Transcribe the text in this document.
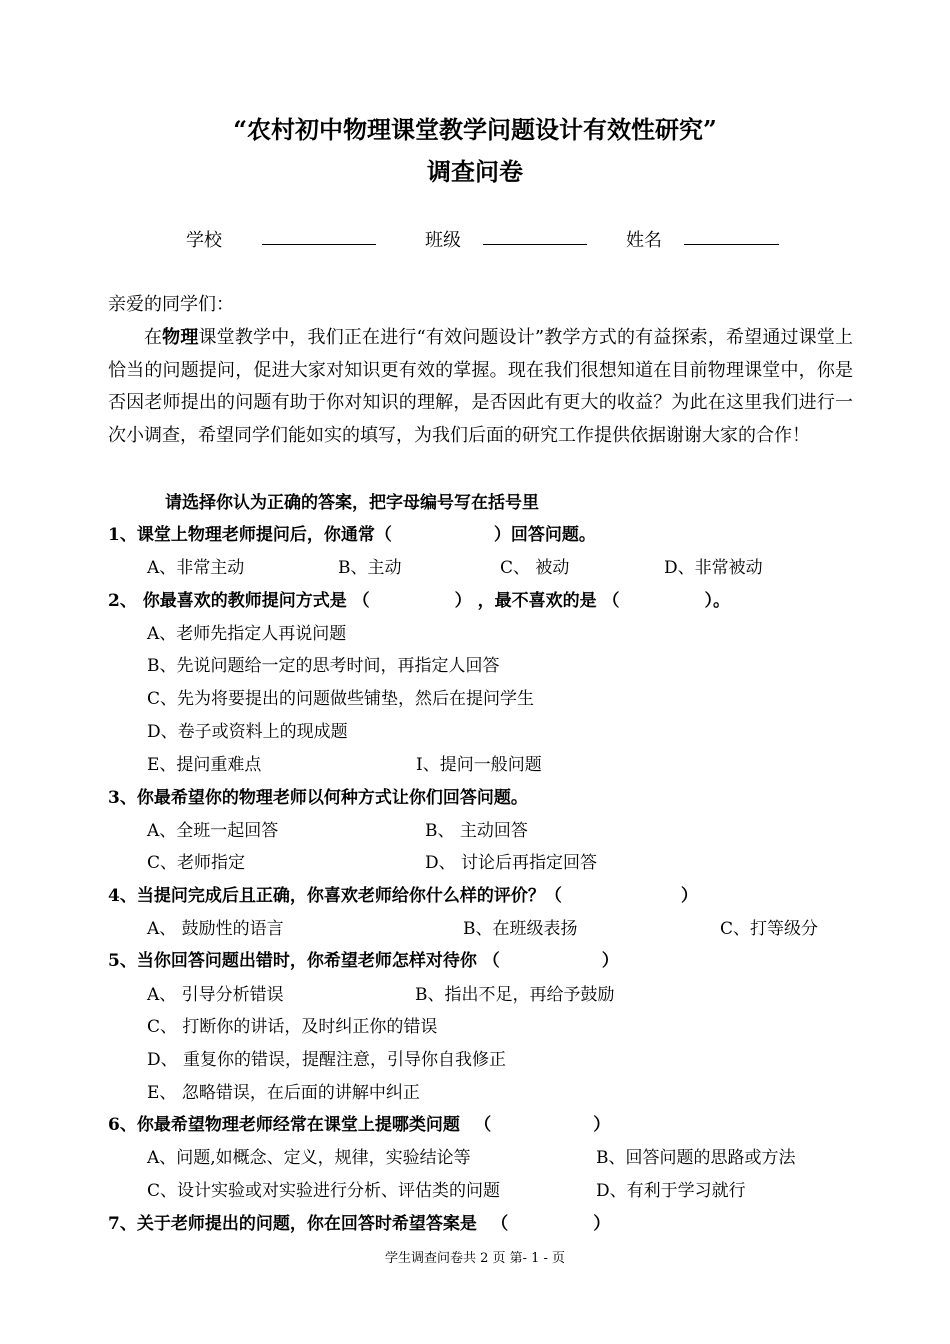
“农村初中物理课堂教学问题设计有效性研究”
调查问卷
学校	班级	姓名
亲爱的同学们：
在物理课堂教学中，我们正在进行“有效问题设计”教学方式的有益探索，希望通过课堂上恰当的问题提问，促进大家对知识更有效的掌握。现在我们很想知道在目前物理课堂中，你是否因老师提出的问题有助于你对知识的理解，是否因此有更大的收益？为此在这里我们进行一次小调查，希望同学们能如实的填写，为我们后面的研究工作提供依据谢谢大家的合作！
请选择你认为正确的答案，把字母编号写在括号里
1、课堂上物理老师提问后，你通常（　　　　　　）回答问题。
A、非常主动	B、主动	C、 被动	D、非常被动
2、 你最喜欢的教师提问方式是 （　　　　　） ，最不喜欢的是 （　　　　　）。
A、老师先指定人再说问题
B、先说问题给一定的思考时间，再指定人回答
C、先为将要提出的问题做些铺垫，然后在提问学生
D、卷子或资料上的现成题
E、提问重难点	I、提问一般问题
3、你最希望你的物理老师以何种方式让你们回答问题。
A、全班一起回答	B、 主动回答
C、老师指定	D、 讨论后再指定回答
4、当提问完成后且正确，你喜欢老师给你什么样的评价？（　　　　　　　）
A、 鼓励性的语言	B、在班级表扬	C、打等级分
5、当你回答问题出错时，你希望老师怎样对待你 （　　　　　　）
A、 引导分析错误	B、指出不足，再给予鼓励
C、 打断你的讲话，及时纠正你的错误
D、 重复你的错误，提醒注意，引导你自我修正
E、 忽略错误，在后面的讲解中纠正
6、你最希望物理老师经常在课堂上提哪类问题 　（　　　　　　）
A、问题,如概念、定义，规律，实验结论等	B、回答问题的思路或方法
C、设计实验或对实验进行分析、评估类的问题	D、有利于学习就行
7、关于老师提出的问题，你在回答时希望答案是 　（　　　　　）
学生调查问卷共 2 页 第- 1 - 页
